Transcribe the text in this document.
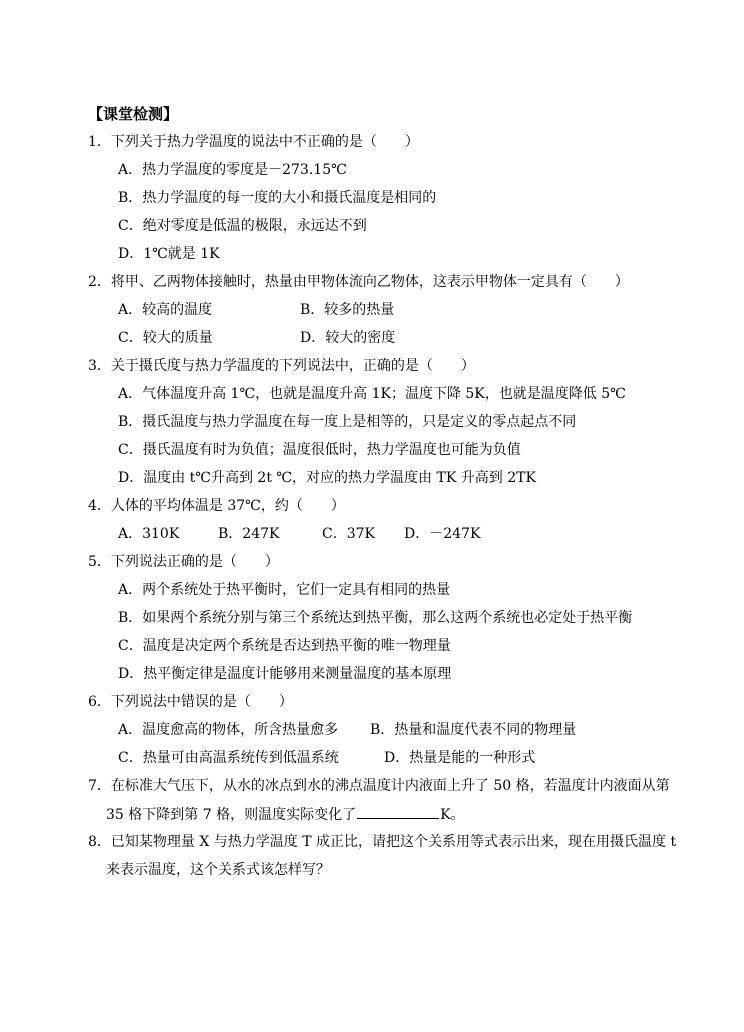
【课堂检测】
1．下列关于热力学温度的说法中不正确的是（　　）
A．热力学温度的零度是－273.15℃
B．热力学温度的每一度的大小和摄氏温度是相同的
C．绝对零度是低温的极限，永远达不到
D．1℃就是 1K
2．将甲、乙两物体接触时，热量由甲物体流向乙物体，这表示甲物体一定具有（　　）
A．较高的温度	B．较多的热量
C．较大的质量	D．较大的密度
3．关于摄氏度与热力学温度的下列说法中，正确的是（　　）
A．气体温度升高 1℃，也就是温度升高 1K；温度下降 5K，也就是温度降低 5℃
B．摄氏温度与热力学温度在每一度上是相等的，只是定义的零点起点不同
C．摄氏温度有时为负值；温度很低时，热力学温度也可能为负值
D．温度由 t℃升高到 2t ℃，对应的热力学温度由 TK 升高到 2TK
4．人体的平均体温是 37℃，约（　　）
A．310K	B．247K	C．37K D．－247K
5．下列说法正确的是（　　）
A．两个系统处于热平衡时，它们一定具有相同的热量
B．如果两个系统分别与第三个系统达到热平衡，那么这两个系统也必定处于热平衡
C．温度是决定两个系统是否达到热平衡的唯一物理量
D．热平衡定律是温度计能够用来测量温度的基本原理
6．下列说法中错误的是（　　）
A．温度愈高的物体，所含热量愈多 B．热量和温度代表不同的物理量
C．热量可由高温系统传到低温系统	D．热量是能的一种形式
7．在标准大气压下，从水的冰点到水的沸点温度计内液面上升了 50 格，若温度计内液面从第
35 格下降到第 7 格，则温度实际变化了	K。
8．已知某物理量 X 与热力学温度 T 成正比，请把这个关系用等式表示出来，现在用摄氏温度 t
来表示温度，这个关系式该怎样写？
